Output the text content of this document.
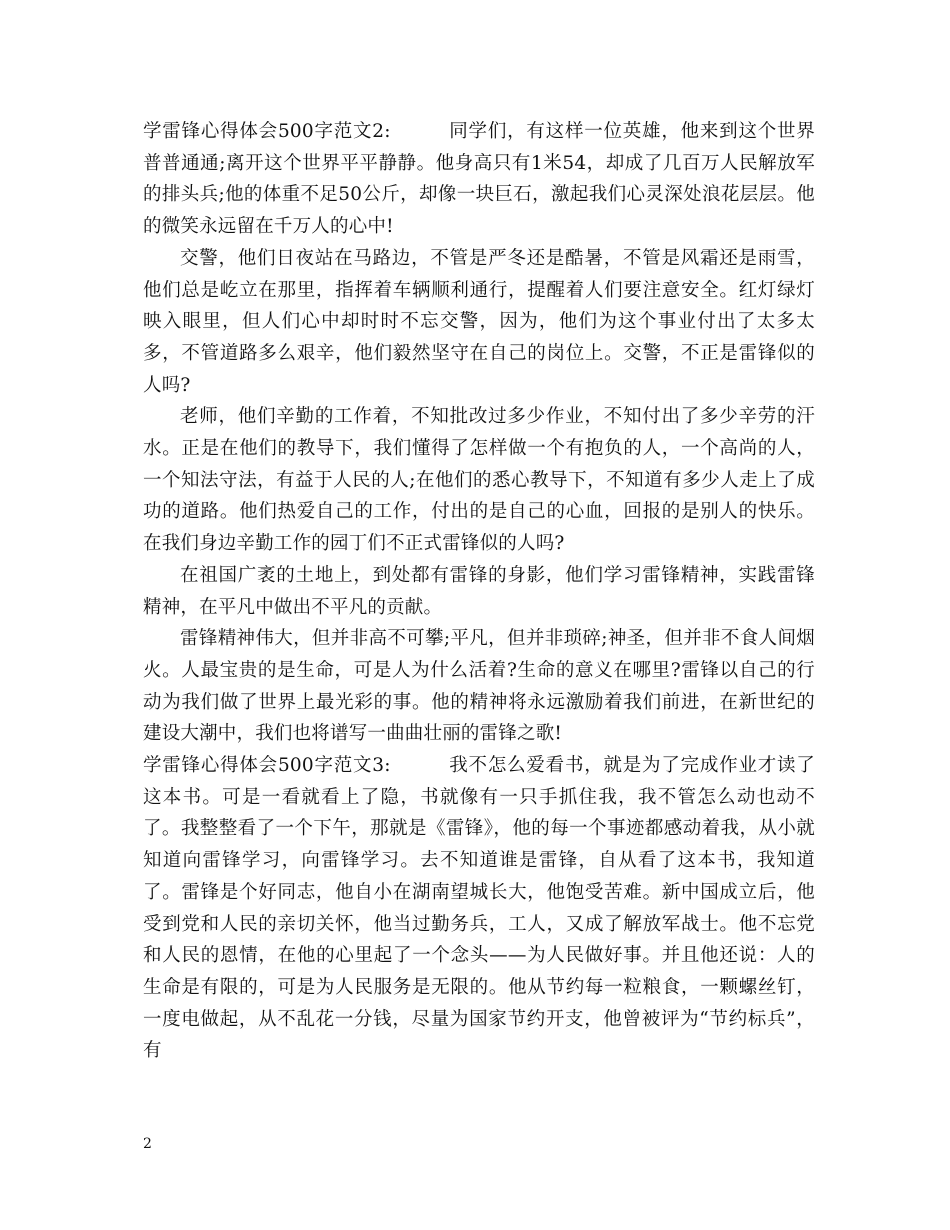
学雷锋心得体会500字范文2:	同学们，有这样一位英雄，他来到这个世界普普通通;离开这个世界平平静静。他身高只有1米54，却成了几百万人民解放军的排头兵;他的体重不足50公斤，却像一块巨石，激起我们心灵深处浪花层层。他的微笑永远留在千万人的心中!

交警，他们日夜站在马路边，不管是严冬还是酷暑，不管是风霜还是雨雪，他们总是屹立在那里，指挥着车辆顺利通行，提醒着人们要注意安全。红灯绿灯映入眼里，但人们心中却时时不忘交警，因为，他们为这个事业付出了太多太多，不管道路多么艰辛，他们毅然坚守在自己的岗位上。交警，不正是雷锋似的人吗?

老师，他们辛勤的工作着，不知批改过多少作业，不知付出了多少辛劳的汗水。正是在他们的教导下，我们懂得了怎样做一个有抱负的人，一个高尚的人，一个知法守法，有益于人民的人;在他们的悉心教导下，不知道有多少人走上了成功的道路。他们热爱自己的工作，付出的是自己的心血，回报的是别人的快乐。在我们身边辛勤工作的园丁们不正式雷锋似的人吗?

在祖国广袤的土地上，到处都有雷锋的身影，他们学习雷锋精神，实践雷锋精神，在平凡中做出不平凡的贡献。

雷锋精神伟大，但并非高不可攀;平凡，但并非琐碎;神圣，但并非不食人间烟火。人最宝贵的是生命，可是人为什么活着?生命的意义在哪里?雷锋以自己的行动为我们做了世界上最光彩的事。他的精神将永远激励着我们前进，在新世纪的建设大潮中，我们也将谱写一曲曲壮丽的雷锋之歌!

学雷锋心得体会500字范文3:	我不怎么爱看书，就是为了完成作业才读了这本书。可是一看就看上了隐，书就像有一只手抓住我，我不管怎么动也动不了。我整整看了一个下午，那就是《雷锋》，他的每一个事迹都感动着我，从小就知道向雷锋学习，向雷锋学习。去不知道谁是雷锋，自从看了这本书，我知道了。雷锋是个好同志，他自小在湖南望城长大，他饱受苦难。新中国成立后，他受到党和人民的亲切关怀，他当过勤务兵，工人，又成了解放军战士。他不忘党和人民的恩情，在他的心里起了一个念头——为人民做好事。并且他还说：人的生命是有限的，可是为人民服务是无限的。他从节约每一粒粮食，一颗螺丝钉，一度电做起，从不乱花一分钱，尽量为国家节约开支，他曾被评为“节约标兵”，有

2
